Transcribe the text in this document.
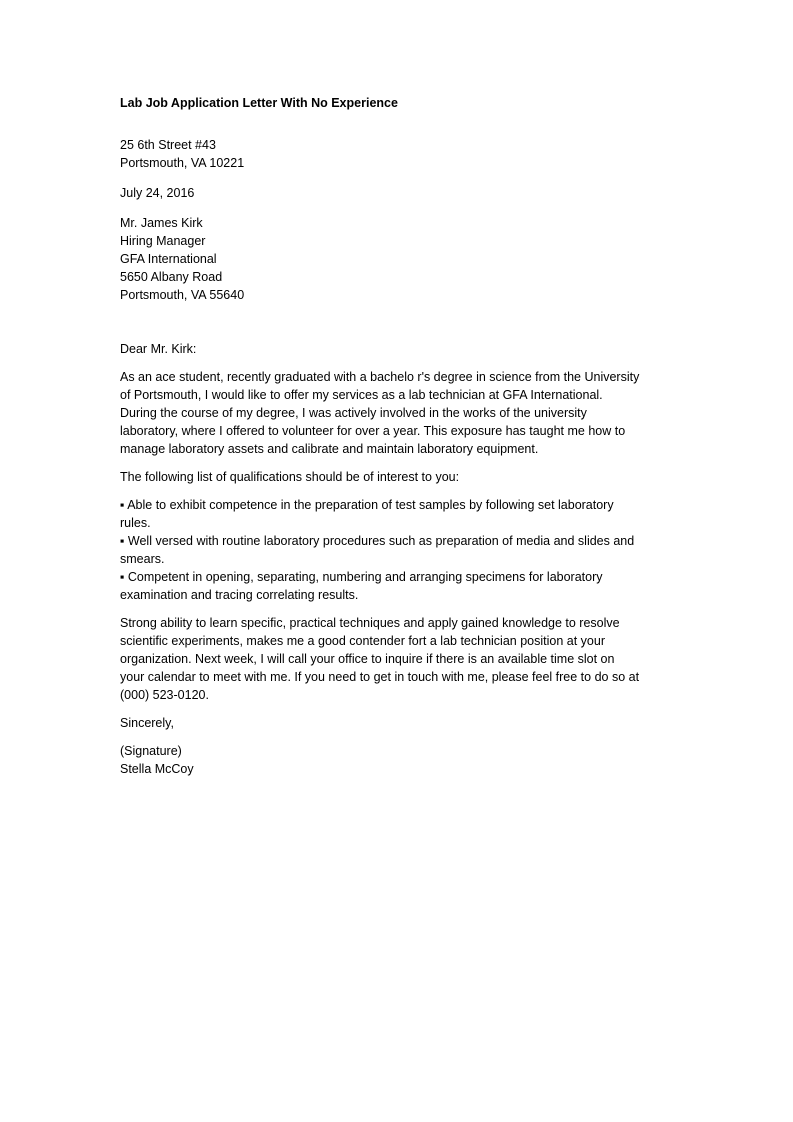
Lab Job Application Letter With No Experience
25 6th Street #43
Portsmouth, VA 10221
July 24, 2016
Mr. James Kirk
Hiring Manager
GFA International
5650 Albany Road
Portsmouth, VA 55640
Dear Mr. Kirk:
As an ace student, recently graduated with a bachelo r's degree in science from the University
of Portsmouth, I would like to offer my services as a lab technician at GFA International.
During the course of my degree, I was actively involved in the works of the university
laboratory, where I offered to volunteer for over a year. This exposure has taught me how to
manage laboratory assets and calibrate and maintain laboratory equipment.
The following list of qualifications should be of interest to you:
▪ Able to exhibit competence in the preparation of test samples by following set laboratory
rules.
▪ Well versed with routine laboratory procedures such as preparation of media and slides and
smears.
▪ Competent in opening, separating, numbering and arranging specimens for laboratory
examination and tracing correlating results.
Strong ability to learn specific, practical techniques and apply gained knowledge to resolve
scientific experiments, makes me a good contender fort a lab technician position at your
organization. Next week, I will call your office to inquire if there is an available time slot on
your calendar to meet with me. If you need to get in touch with me, please feel free to do so at
(000) 523-0120.
Sincerely,
(Signature)
Stella McCoy
